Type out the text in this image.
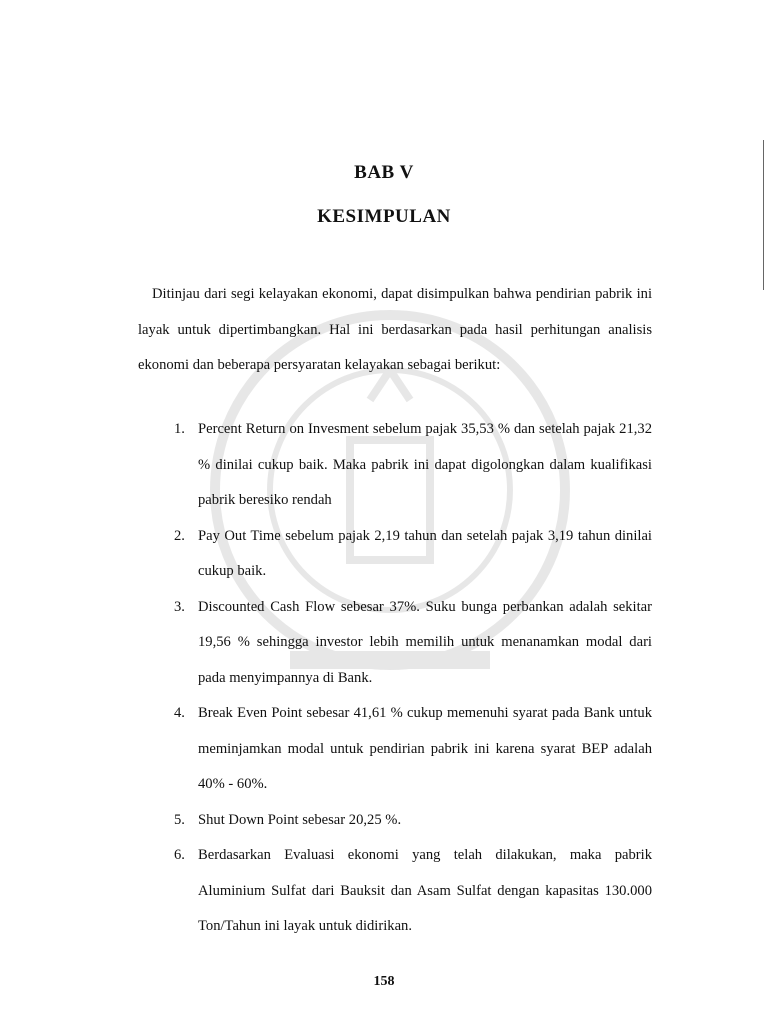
BAB V
KESIMPULAN

Ditinjau dari segi kelayakan ekonomi, dapat disimpulkan bahwa pendirian pabrik ini layak untuk dipertimbangkan. Hal ini berdasarkan pada hasil perhitungan analisis ekonomi dan beberapa persyaratan kelayakan sebagai berikut:

1. Percent Return on Invesment sebelum pajak 35,53 % dan setelah pajak 21,32 % dinilai cukup baik. Maka pabrik ini dapat digolongkan dalam kualifikasi pabrik beresiko rendah
2. Pay Out Time sebelum pajak 2,19 tahun dan setelah pajak 3,19 tahun dinilai cukup baik.
3. Discounted Cash Flow sebesar 37%. Suku bunga perbankan adalah sekitar 19,56 % sehingga investor lebih memilih untuk menanamkan modal dari pada menyimpannya di Bank.
4. Break Even Point sebesar 41,61 % cukup memenuhi syarat pada Bank untuk meminjamkan modal untuk pendirian pabrik ini karena syarat BEP adalah 40% - 60%.
5. Shut Down Point sebesar 20,25 %.
6. Berdasarkan Evaluasi ekonomi yang telah dilakukan, maka pabrik Aluminium Sulfat dari Bauksit dan Asam Sulfat dengan kapasitas 130.000 Ton/Tahun ini layak untuk didirikan.
158
